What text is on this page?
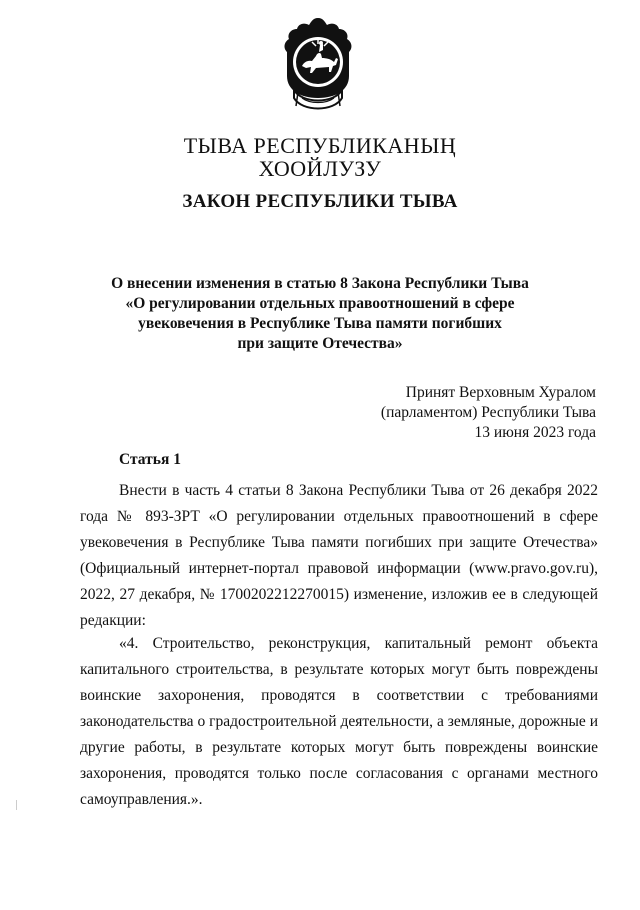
ТЫВА РЕСПУБЛИКАНЫҢ
ХООЙЛУЗУ
ЗАКОН РЕСПУБЛИКИ ТЫВА
О внесении изменения в статью 8 Закона Республики Тыва
«О регулировании отдельных правоотношений в сфере
увековечения в Республике Тыва памяти погибших
при защите Отечества»
Принят Верховным Хуралом
(парламентом) Республики Тыва
13 июня 2023 года
Статья 1

Внести в часть 4 статьи 8 Закона Республики Тыва от 26 декабря 2022 года № 893-ЗРТ «О регулировании отдельных правоотношений в сфере увековечения в Республике Тыва памяти погибших при защите Отечества» (Официальный интернет-портал правовой информации (www.pravo.gov.ru), 2022, 27 декабря, № 1700202212270015) изменение, изложив ее в следующей редакции:

«4. Строительство, реконструкция, капитальный ремонт объекта капитального строительства, в результате которых могут быть повреждены воинские захоронения, проводятся в соответствии с требованиями законодательства о градостроительной деятельности, а земляные, дорожные и другие работы, в результате которых могут быть повреждены воинские захоронения, проводятся только после согласования с органами местного самоуправления.».
